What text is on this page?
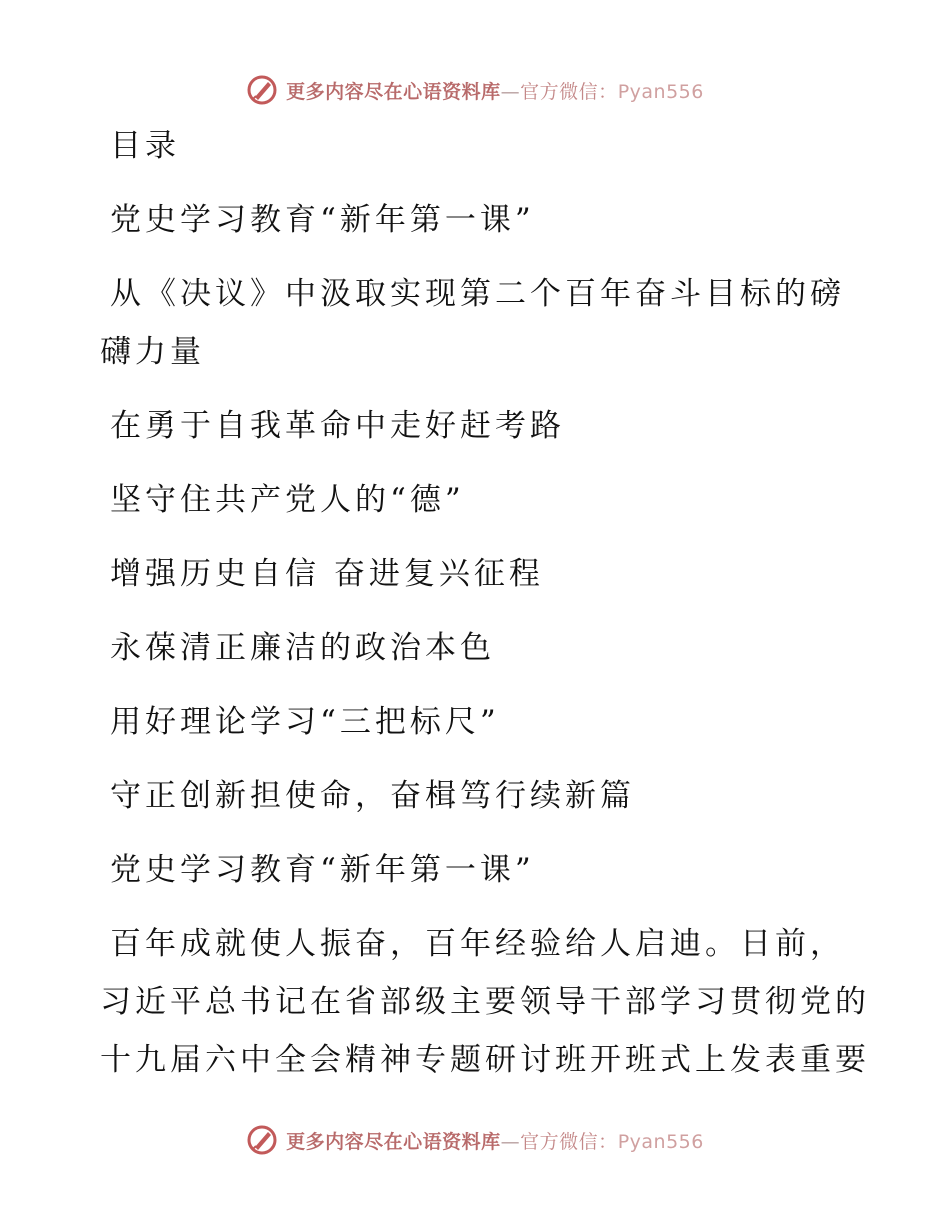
更多内容尽在心语资料库—官方微信：Pyan556
目录
党史学习教育“新年第一课”
从《决议》中汲取实现第二个百年奋斗目标的磅
礴力量
在勇于自我革命中走好赶考路
坚守住共产党人的“德”
增强历史自信 奋进复兴征程
永葆清正廉洁的政治本色
用好理论学习“三把标尺”
守正创新担使命，奋楫笃行续新篇
党史学习教育“新年第一课”
百年成就使人振奋，百年经验给人启迪。日前，
习近平总书记在省部级主要领导干部学习贯彻党的
十九届六中全会精神专题研讨班开班式上发表重要
更多内容尽在心语资料库—官方微信：Pyan556
